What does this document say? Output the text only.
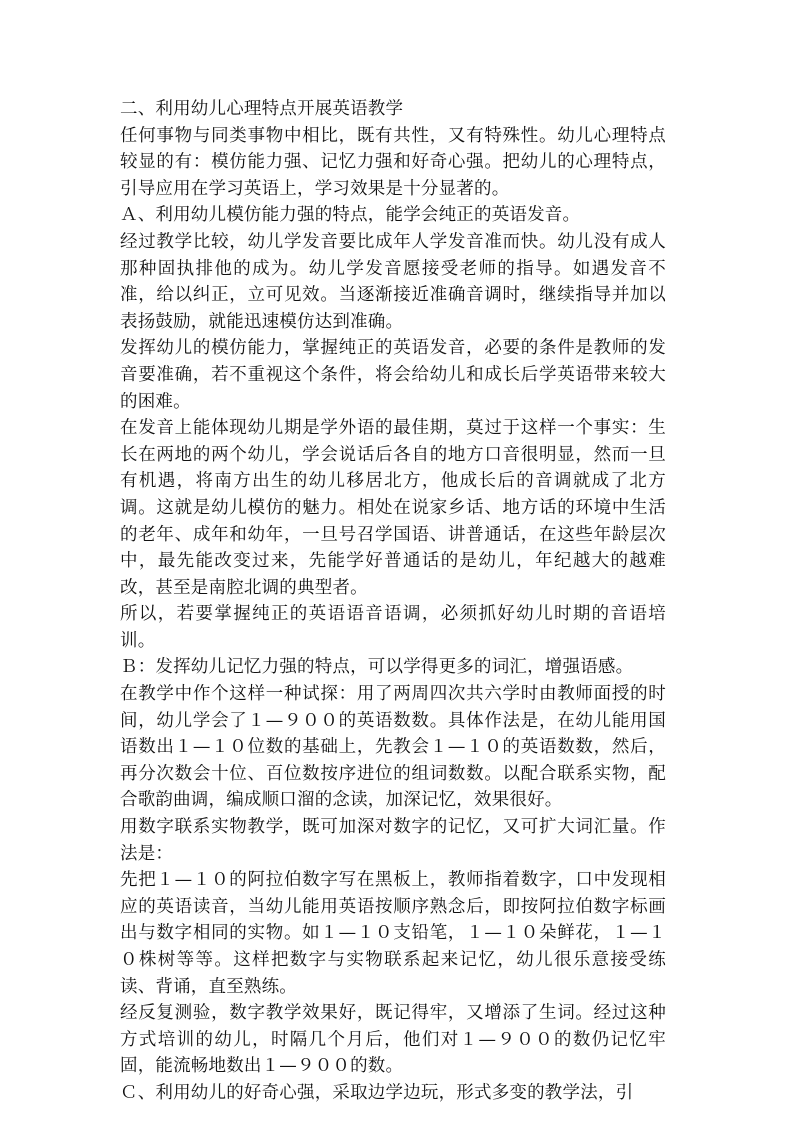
二、利用幼儿心理特点开展英语教学

任何事物与同类事物中相比，既有共性，又有特殊性。幼儿心理特点较显的有：模仿能力强、记忆力强和好奇心强。把幼儿的心理特点，引导应用在学习英语上，学习效果是十分显著的。

Ａ、利用幼儿模仿能力强的特点，能学会纯正的英语发音。

经过教学比较，幼儿学发音要比成年人学发音准而快。幼儿没有成人那种固执排他的成为。幼儿学发音愿接受老师的指导。如遇发音不准，给以纠正，立可见效。当逐渐接近准确音调时，继续指导并加以表扬鼓励，就能迅速模仿达到准确。

发挥幼儿的模仿能力，掌握纯正的英语发音，必要的条件是教师的发音要准确，若不重视这个条件，将会给幼儿和成长后学英语带来较大的困难。

在发音上能体现幼儿期是学外语的最佳期，莫过于这样一个事实：生长在两地的两个幼儿，学会说话后各自的地方口音很明显，然而一旦有机遇，将南方出生的幼儿移居北方，他成长后的音调就成了北方调。这就是幼儿模仿的魅力。相处在说家乡话、地方话的环境中生活的老年、成年和幼年，一旦号召学国语、讲普通话，在这些年龄层次中，最先能改变过来，先能学好普通话的是幼儿，年纪越大的越难改，甚至是南腔北调的典型者。

所以，若要掌握纯正的英语语音语调，必须抓好幼儿时期的音语培训。

Ｂ：发挥幼儿记忆力强的特点，可以学得更多的词汇，增强语感。

在教学中作个这样一种试探：用了两周四次共六学时由教师面授的时间，幼儿学会了１—９００的英语数数。具体作法是，在幼儿能用国语数出１—１０位数的基础上，先教会１—１０的英语数数，然后，再分次数会十位、百位数按序进位的组词数数。以配合联系实物，配合歌韵曲调，编成顺口溜的念读，加深记忆，效果很好。

用数字联系实物教学，既可加深对数字的记忆，又可扩大词汇量。作法是：

先把１—１０的阿拉伯数字写在黑板上，教师指着数字，口中发现相应的英语读音，当幼儿能用英语按顺序熟念后，即按阿拉伯数字标画出与数字相同的实物。如１—１０支铅笔，１—１０朵鲜花，１—１０株树等等。这样把数字与实物联系起来记忆，幼儿很乐意接受练读、背诵，直至熟练。

经反复测验，数字教学效果好，既记得牢，又增添了生词。经过这种方式培训的幼儿，时隔几个月后，他们对１—９００的数仍记忆牢固，能流畅地数出１—９００的数。

Ｃ、利用幼儿的好奇心强，采取边学边玩，形式多变的教学法，引
